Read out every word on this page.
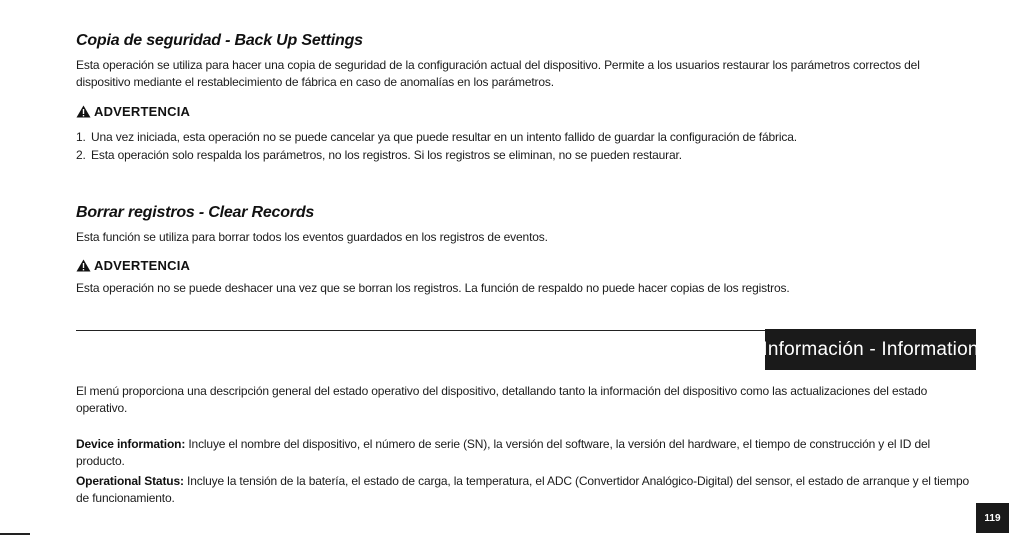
Copia de seguridad - Back Up Settings
Esta operación se utiliza para hacer una copia de seguridad de la configuración actual del dispositivo. Permite a los usuarios restaurar los parámetros correctos del dispositivo mediante el restablecimiento de fábrica en caso de anomalías en los parámetros.
ADVERTENCIA
1. Una vez iniciada, esta operación no se puede cancelar ya que puede resultar en un intento fallido de guardar la configuración de fábrica.
2. Esta operación solo respalda los parámetros, no los registros. Si los registros se eliminan, no se pueden restaurar.
Borrar registros - Clear Records
Esta función se utiliza para borrar todos los eventos guardados en los registros de eventos.
ADVERTENCIA
Esta operación no se puede deshacer una vez que se borran los registros. La función de respaldo no puede hacer copias de los registros.
Información - Information
El menú proporciona una descripción general del estado operativo del dispositivo, detallando tanto la información del dispositivo como las actualizaciones del estado operativo.
Device information: Incluye el nombre del dispositivo, el número de serie (SN), la versión del software, la versión del hardware, el tiempo de construcción y el ID del producto.
Operational Status: Incluye la tensión de la batería, el estado de carga, la temperatura, el ADC (Convertidor Analógico-Digital) del sensor, el estado de arranque y el tiempo de funcionamiento.
119
